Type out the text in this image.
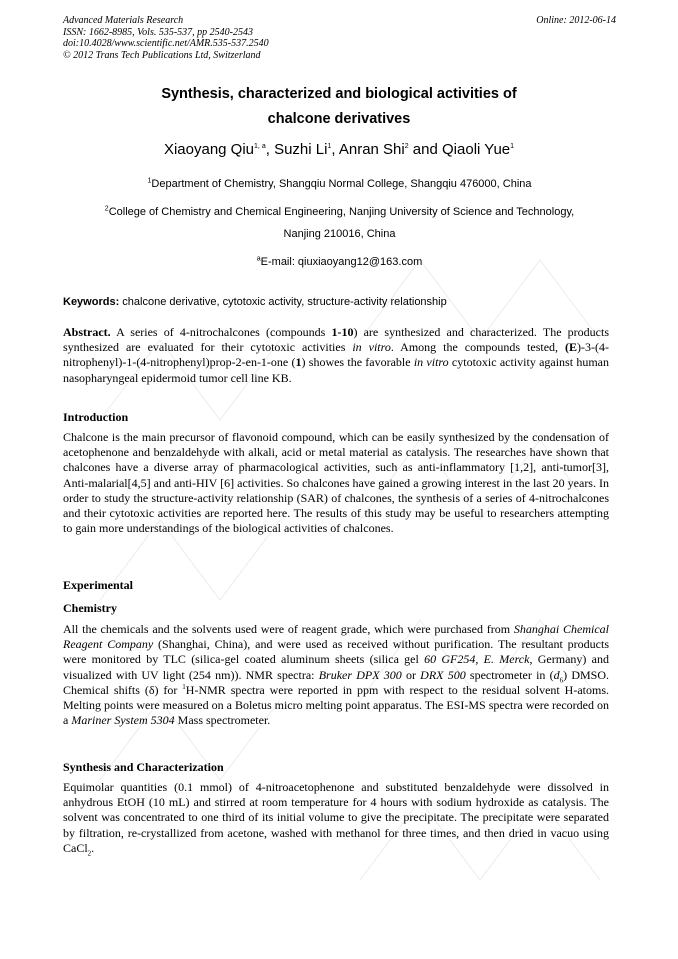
Advanced Materials Research
ISSN: 1662-8985, Vols. 535-537, pp 2540-2543
doi:10.4028/www.scientific.net/AMR.535-537.2540
© 2012 Trans Tech Publications Ltd, Switzerland
Online: 2012-06-14
Synthesis, characterized and biological activities of
chalcone derivatives
Xiaoyang Qiu$^{1, a}$, Suzhi Li$^1$, Anran Shi$^2$ and Qiaoli Yue$^1$
$^1$Department of Chemistry, Shangqiu Normal College, Shangqiu 476000, China
$^2$College of Chemistry and Chemical Engineering, Nanjing University of Science and Technology,
Nanjing 210016, China
$^a$E-mail: qiuxiaoyang12@163.com
Keywords: chalcone derivative, cytotoxic activity, structure-activity relationship
Abstract. A series of 4-nitrochalcones (compounds 1-10) are synthesized and characterized. The products synthesized are evaluated for their cytotoxic activities in vitro. Among the compounds tested, (E)-3-(4-nitrophenyl)-1-(4-nitrophenyl)prop-2-en-1-one (1) showes the favorable in vitro cytotoxic activity against human nasopharyngeal epidermoid tumor cell line KB.
Introduction
Chalcone is the main precursor of flavonoid compound, which can be easily synthesized by the condensation of acetophenone and benzaldehyde with alkali, acid or metal material as catalysis. The researches have shown that chalcones have a diverse array of pharmacological activities, such as anti-inflammatory [1,2], anti-tumor[3], Anti-malarial[4,5] and anti-HIV [6] activities. So chalcones have gained a growing interest in the last 20 years. In order to study the structure-activity relationship (SAR) of chalcones, the synthesis of a series of 4-nitrochalcones and their cytotoxic activities are reported here. The results of this study may be useful to researchers attempting to gain more understandings of the biological activities of chalcones.
Experimental
Chemistry
All the chemicals and the solvents used were of reagent grade, which were purchased from Shanghai Chemical Reagent Company (Shanghai, China), and were used as received without purification. The resultant products were monitored by TLC (silica-gel coated aluminum sheets (silica gel 60 GF254, E. Merck, Germany) and visualized with UV light (254 nm)). NMR spectra: Bruker DPX 300 or DRX 500 spectrometer in $(d_6)$ DMSO. Chemical shifts (δ) for $^1$H-NMR spectra were reported in ppm with respect to the residual solvent H-atoms. Melting points were measured on a Boletus micro melting point apparatus. The ESI-MS spectra were recorded on a Mariner System 5304 Mass spectrometer.
Synthesis and Characterization
Equimolar quantities (0.1 mmol) of 4-nitroacetophenone and substituted benzaldehyde were dissolved in anhydrous EtOH (10 mL) and stirred at room temperature for 4 hours with sodium hydroxide as catalysis. The solvent was concentrated to one third of its initial volume to give the precipitate. The precipitate were separated by filtration, re-crystallized from acetone, washed with methanol for three times, and then dried in vacuo using CaCl$_2$.
